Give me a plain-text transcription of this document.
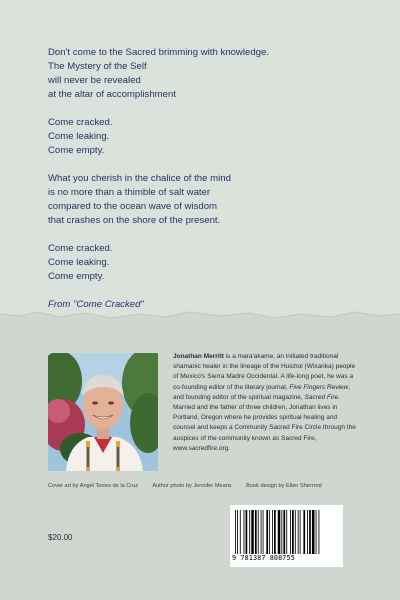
Don't come to the Sacred brimming with knowledge.
The Mystery of the Self
will never be revealed
at the altar of accomplishment
Come cracked.
Come leaking.
Come empty.
What you cherish in the chalice of the mind
is no more than a thimble of salt water
compared to the ocean wave of wisdom
that crashes on the shore of the present.
Come cracked.
Come leaking.
Come empty.
From "Come Cracked"
Jonathan Merritt is a mara'akame, an initiated traditional shamanic healer in the lineage of the Huichol (Wixarika) people of Mexico's Sierra Madre Occidental. A life-long poet, he was a co-founding editor of the literary journal, Five Fingers Review, and founding editor of the spiritual magazine, Sacred Fire. Married and the father of three children, Jonathan lives in Portland, Oregon where he provides spiritual healing and counsel and keeps a Community Sacred Fire Circle through the auspices of the community known as Sacred Fire, www.sacredfire.org.
Cover art by Angel Torres de la Cruz	Author photo by Jennifer Means	Book design by Ellen Sherrrod
$20.00
9 781387 808755
